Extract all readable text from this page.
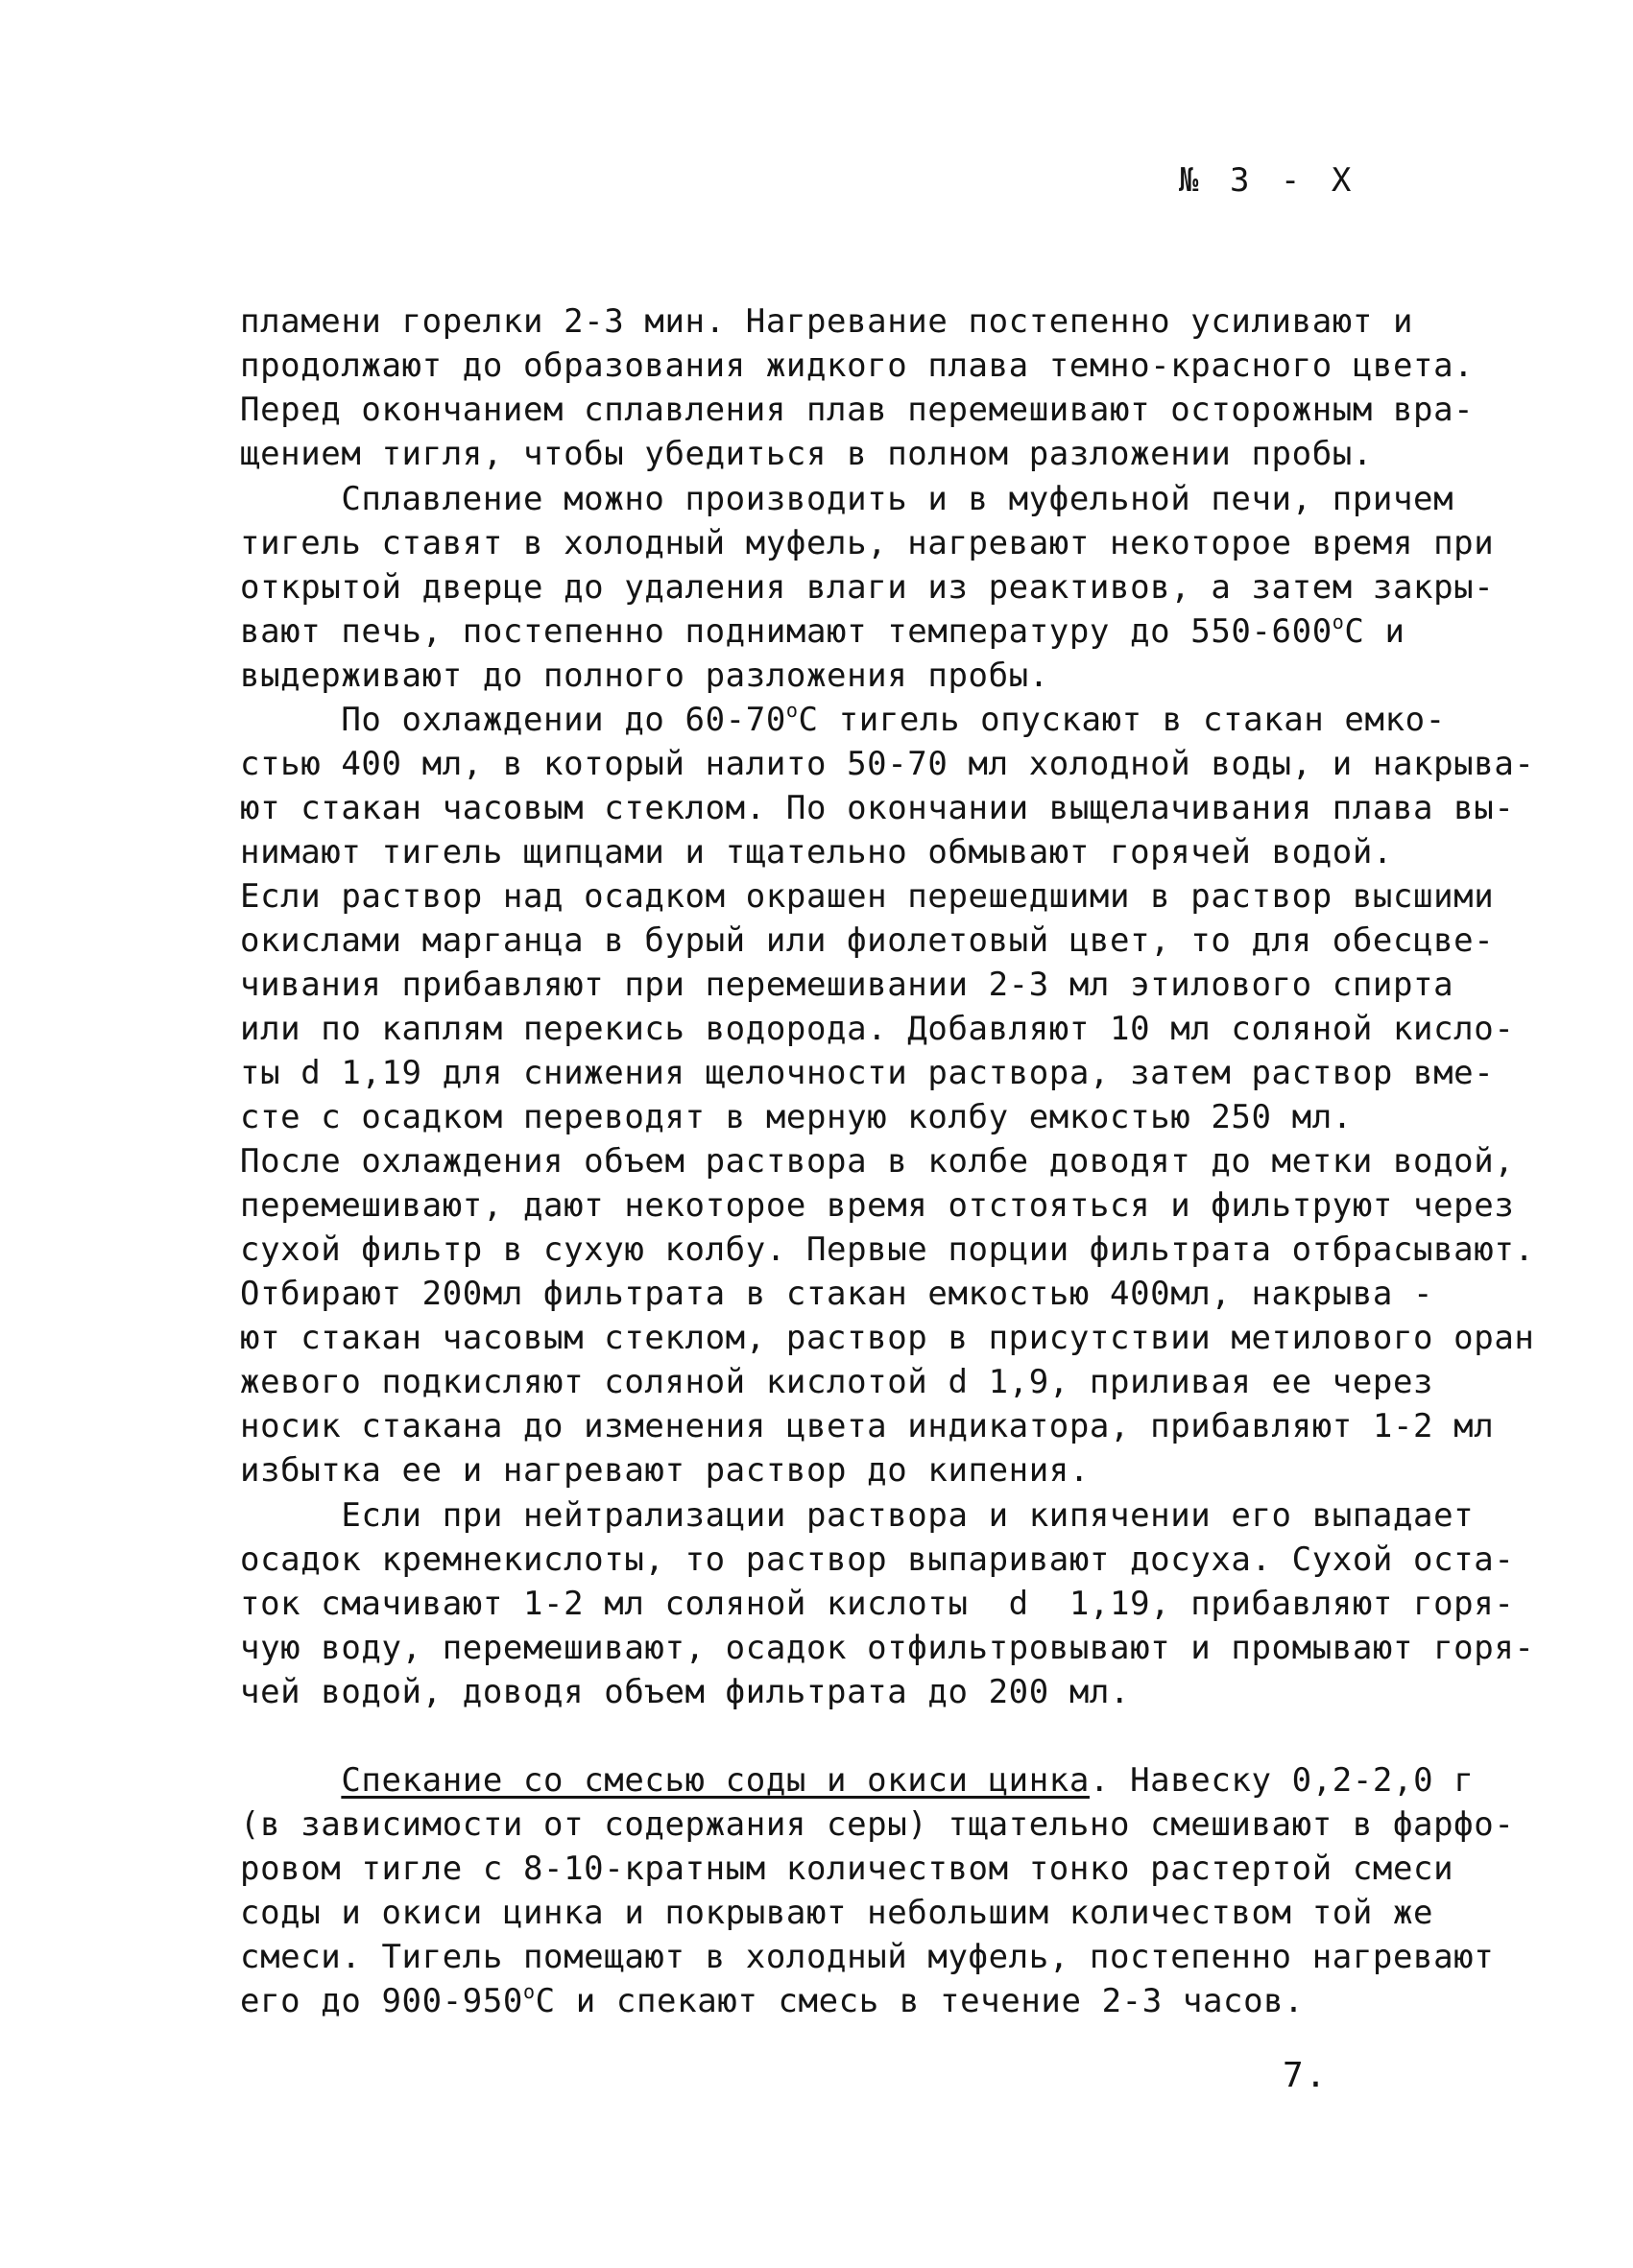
№ 3 - Х
пламени горелки 2-3 мин. Нагревание постепенно усиливают и
продолжают до образования жидкого плава темно-красного цвета.
Перед окончанием сплавления плав перемешивают осторожным вра-
щением тигля, чтобы убедиться в полном разложении пробы.
Сплавление можно производить и в муфельной печи, причем
тигель ставят в холодный муфель, нагревают некоторое время при
открытой дверце до удаления влаги из реактивов, а затем закры-
вают печь, постепенно поднимают температуру до 550-600$^o$С и
выдерживают до полного разложения пробы.
По охлаждении до 60-70$^o$С тигель опускают в стакан емко-
стью 400 мл, в который налито 50-70 мл холодной воды, и накрыва-
ют стакан часовым стеклом. По окончании выщелачивания плава вы-
нимают тигель щипцами и тщательно обмывают горячей водой.
Если раствор над осадком окрашен перешедшими в раствор высшими
окислами марганца в бурый или фиолетовый цвет, то для обесцве-
чивания прибавляют при перемешивании 2-3 мл этилового спирта
или по каплям перекись водорода. Добавляют 10 мл соляной кисло-
ты d 1,19 для снижения щелочности раствора, затем раствор вме-
сте с осадком переводят в мерную колбу емкостью 250 мл.
После охлаждения объем раствора в колбе доводят до метки водой,
перемешивают, дают некоторое время отстояться и фильтруют через
сухой фильтр в сухую колбу. Первые порции фильтрата отбрасывают.
Отбирают 200мл фильтрата в стакан емкостью 400мл, накрыва -
ют стакан часовым стеклом, раствор в присутствии метилового оран
жевого подкисляют соляной кислотой d 1,9, приливая ее через
носик стакана до изменения цвета индикатора, прибавляют 1-2 мл
избытка ее и нагревают раствор до кипения.
Если при нейтрализации раствора и кипячении его выпадает
осадок кремнекислоты, то раствор выпаривают досуха. Сухой оста-
ток смачивают 1-2 мл соляной кислоты  d  1,19, прибавляют горя-
чую воду, перемешивают, осадок отфильтровывают и промывают горя-
чей водой, доводя объем фильтрата до 200 мл.
Спекание со смесью соды и окиси цинка. Навеску 0,2-2,0 г
(в зависимости от содержания серы) тщательно смешивают в фарфо-
ровом тигле с 8-10-кратным количеством тонко растертой смеси
соды и окиси цинка и покрывают небольшим количеством той же
смеси. Тигель помещают в холодный муфель, постепенно нагревают
его до 900-950$^o$С и спекают смесь в течение 2-3 часов.
7.
